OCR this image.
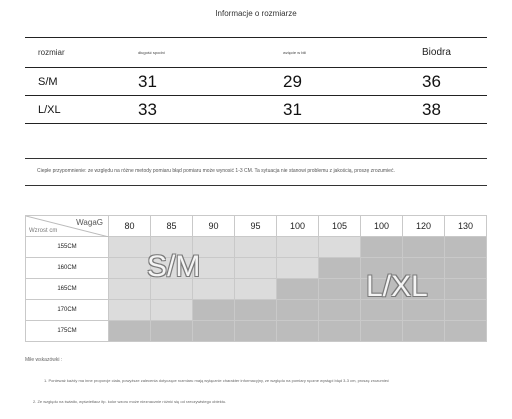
Informacje o rozmiarze
rozmiar	długość spodni	wzięcie w biii	Biodra
S/M	31	29	36
L/XL	33	31	38
Ciepłe przypomnienie: ze względu na różne metody pomiaru błąd pomiaru może wynosić 1-3 CM. Ta sytuacja nie stanowi problemu z jakością, proszę zrozumieć.
WagaG
Wzrost cm	80	85	90	95	100	105	100	120	130
155CM									
160CM									
165CM									
170CM									
175CM									
S/M
L/XL
Miłe wskazówki :
1. Ponieważ każdy ma inne proporcje ciała, powyższe zalecenia dotyczące rozmiaru mają wyłącznie charakter informacyjny, ze względu na pomiary ręczne wystąpi błąd 3-3 cm, proszę zrozumieć
2. Ze względu na światło, wyświetlacz itp. kolor wzoru może nieznacznie różnić się od rzeczywistego obiektu.
